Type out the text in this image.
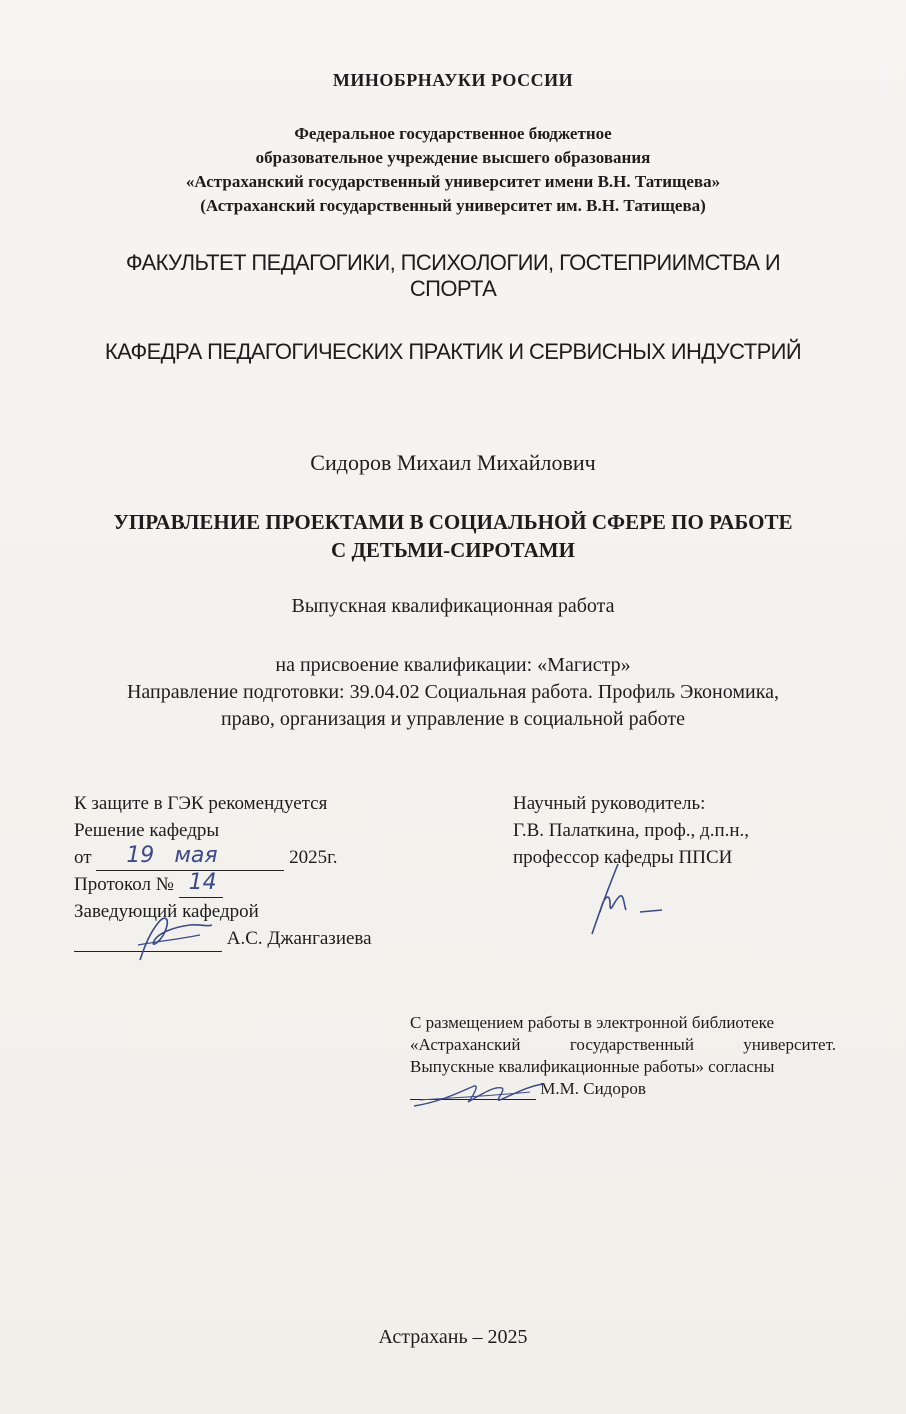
МИНОБРНАУКИ РОССИИ
Федеральное государственное бюджетное
образовательное учреждение высшего образования
«Астраханский государственный университет имени В.Н. Татищева»
(Астраханский государственный университет им. В.Н. Татищева)
ФАКУЛЬТЕТ ПЕДАГОГИКИ, ПСИХОЛОГИИ, ГОСТЕПРИИМСТВА И
СПОРТА
КАФЕДРА ПЕДАГОГИЧЕСКИХ ПРАКТИК И СЕРВИСНЫХ ИНДУСТРИЙ
Сидоров Михаил Михайлович
УПРАВЛЕНИЕ ПРОЕКТАМИ В СОЦИАЛЬНОЙ СФЕРЕ ПО РАБОТЕ
С ДЕТЬМИ-СИРОТАМИ
Выпускная квалификационная работа
на присвоение квалификации: «Магистр»
Направление подготовки: 39.04.02 Социальная работа. Профиль Экономика,
право, организация и управление в социальной работе
К защите в ГЭК рекомендуется
Решение кафедры
от 19 мая	2025г.
Протокол № 14
Заведующий кафедрой
А.С. Джангазиева
Научный руководитель:
Г.В. Палаткина, проф., д.п.н.,
профессор кафедры ППСИ
С размещением работы в электронной библиотеке
«Астраханский государственный университет.
Выпускные квалификационные работы» согласны
М.М. Сидоров
Астрахань – 2025
